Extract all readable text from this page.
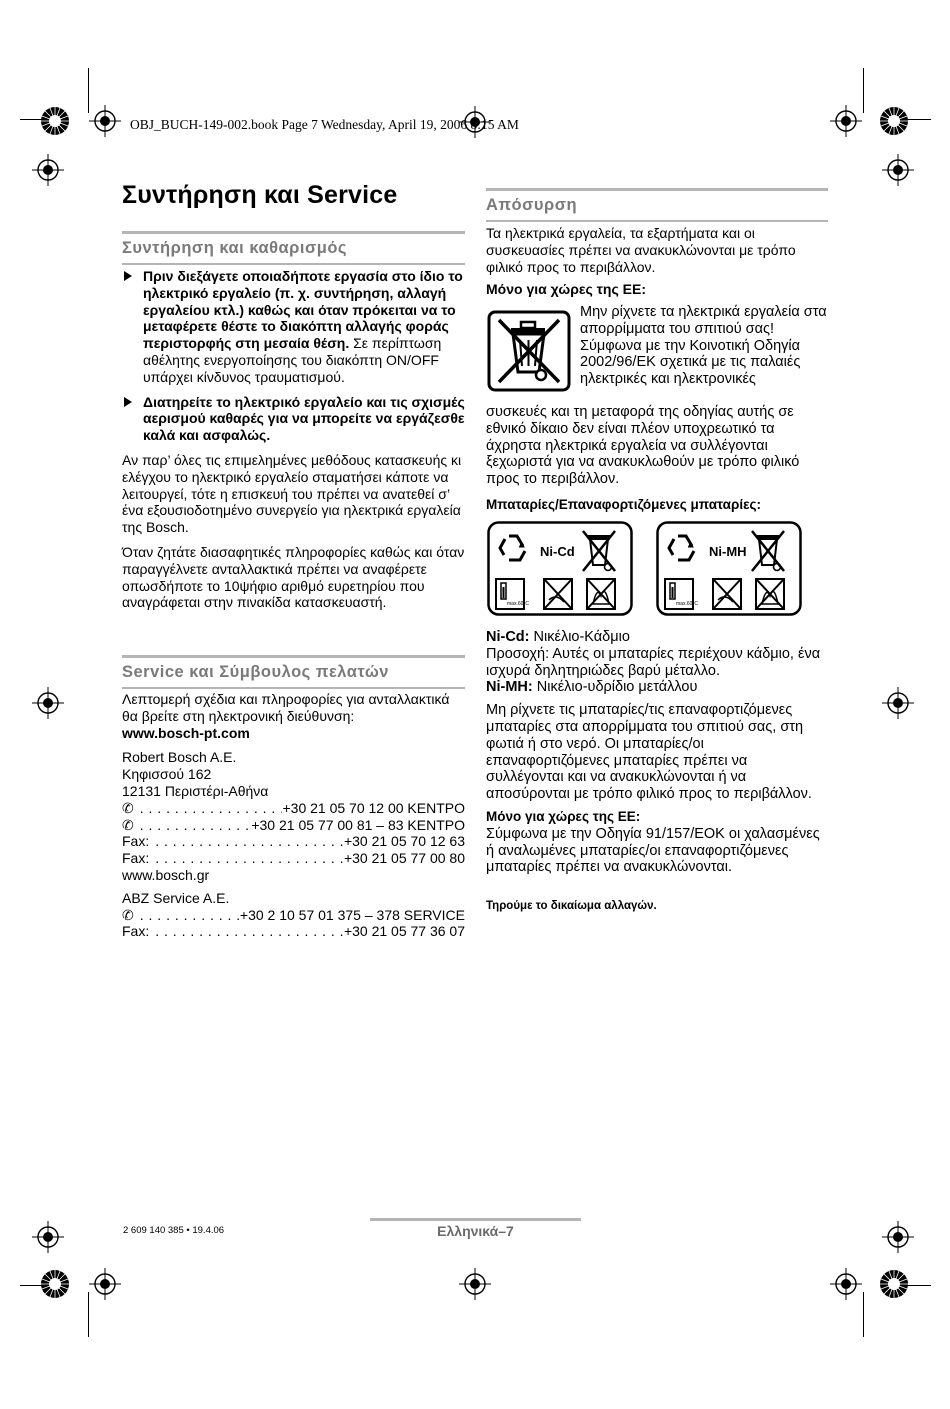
OBJ_BUCH-149-002.book Page 7 Wednesday, April 19, 2006 8:15 AM
Συντήρηση και Service
Συντήρηση και καθαρισμός
Πριν διεξάγετε οποιαδήποτε εργασία στο ίδιο το ηλεκτρικό εργαλείο (π. χ. συντήρηση, αλλαγή εργαλείου κτλ.) καθώς και όταν πρόκειται να το μεταφέρετε θέστε το διακόπτη αλλαγής φοράς περιστορφής στη μεσαία θέση. Σε περίπτωση αθέλητης ενεργοποίησης του διακόπτη ON/OFF υπάρχει κίνδυνος τραυματισμού.
Διατηρείτε το ηλεκτρικό εργαλείο και τις σχισμές αερισμού καθαρές για να μπορείτε να εργάζεσθε καλά και ασφαλώς.

Αν παρ’ όλες τις επιμελημένες μεθόδους κατασκευής κι ελέγχου το ηλεκτρικό εργαλείο σταματήσει κάποτε να λειτουργεί, τότε η επισκευή του πρέπει να ανατεθεί σ’ ένα εξουσιοδοτημένο συνεργείο για ηλεκτρικά εργαλεία της Bosch.

Όταν ζητάτε διασαφητικές πληροφορίες καθώς και όταν παραγγέλνετε ανταλλακτικά πρέπει να αναφέρετε οπωσδήποτε το 10ψήφιο αριθμό ευρετηρίου που αναγράφεται στην πινακίδα κατασκευαστή.

Service και Σύμβουλος πελατών

Λεπτομερή σχέδια και πληροφορίες για ανταλλακτικά θα βρείτε στη ηλεκτρονική διεύθυνση:

www.bosch-pt.com

Robert Bosch A.E.

Κηφισσού 162

12131 Περιστέρι-Αθήνα

✆ . . .	+30 21 05 70 12 00 ΚΕΝΤΡΟ
✆ . . .	+30 21 05 77 00 81 – 83 ΚΕΝΤΡΟ
Fax: . . .	+30 21 05 70 12 63
Fax: . . .	+30 21 05 77 00 80

www.bosch.gr

ABZ Service A.E.

✆ . . .	+30 2 10 57 01 375 – 378 SERVICE
Fax: . . .	+30 21 05 77 36 07
Απόσυρση

Τα ηλεκτρικά εργαλεία, τα εξαρτήματα και οι συσκευασίες πρέπει να ανακυκλώνονται με τρόπο φιλικό προς το περιβάλλον.

Μόνο για χώρες της ΕΕ:

Μην ρίχνετε τα ηλεκτρικά εργαλεία στα απορρίμματα του σπιτιού σας!

Σύμφωνα με την Κοινοτική Οδηγία 2002/96/ΕΚ σχετικά με τις παλαιές ηλεκτρικές και ηλεκτρονικές

συσκευές και τη μεταφορά της οδηγίας αυτής σε εθνικό δίκαιο δεν είναι πλέον υποχρεωτικό τα άχρηστα ηλεκτρικά εργαλεία να συλλέγονται ξεχωριστά για να ανακυκλωθούν με τρόπο φιλικό προς το περιβάλλον.

Μπαταρίες/Επαναφορτιζόμενες μπαταρίες:

Ni-Cd
max.60°C
Ni-MH
max.60°C

Ni-Cd: Νικέλιο-Κάδμιο

Προσοχή: Αυτές οι μπαταρίες περιέχουν κάδμιο, ένα ισχυρά δηλητηριώδες βαρύ μέταλλο.

Ni-MH: Νικέλιο-υδρίδιο μετάλλου

Μη ρίχνετε τις μπαταρίες/τις επαναφορτιζόμενες μπαταρίες στα απορρίμματα του σπιτιού σας, στη φωτιά ή στο νερό. Οι μπαταρίες/οι επαναφορτιζόμενες μπαταρίες πρέπει να συλλέγονται και να ανακυκλώνονται ή να αποσύρονται με τρόπο φιλικό προς το περιβάλλον.

Μόνο για χώρες της ΕΕ:

Σύμφωνα με την Οδηγία 91/157/ΕΟΚ οι χαλασμένες ή αναλωμένες μπαταρίες/οι επαναφορτιζόμενες μπαταρίες πρέπει να ανακυκλώνονται.

Τηρούμε το δικαίωμα αλλαγών.

2 609 140 385 • 19.4.06	Ελληνικά–7
